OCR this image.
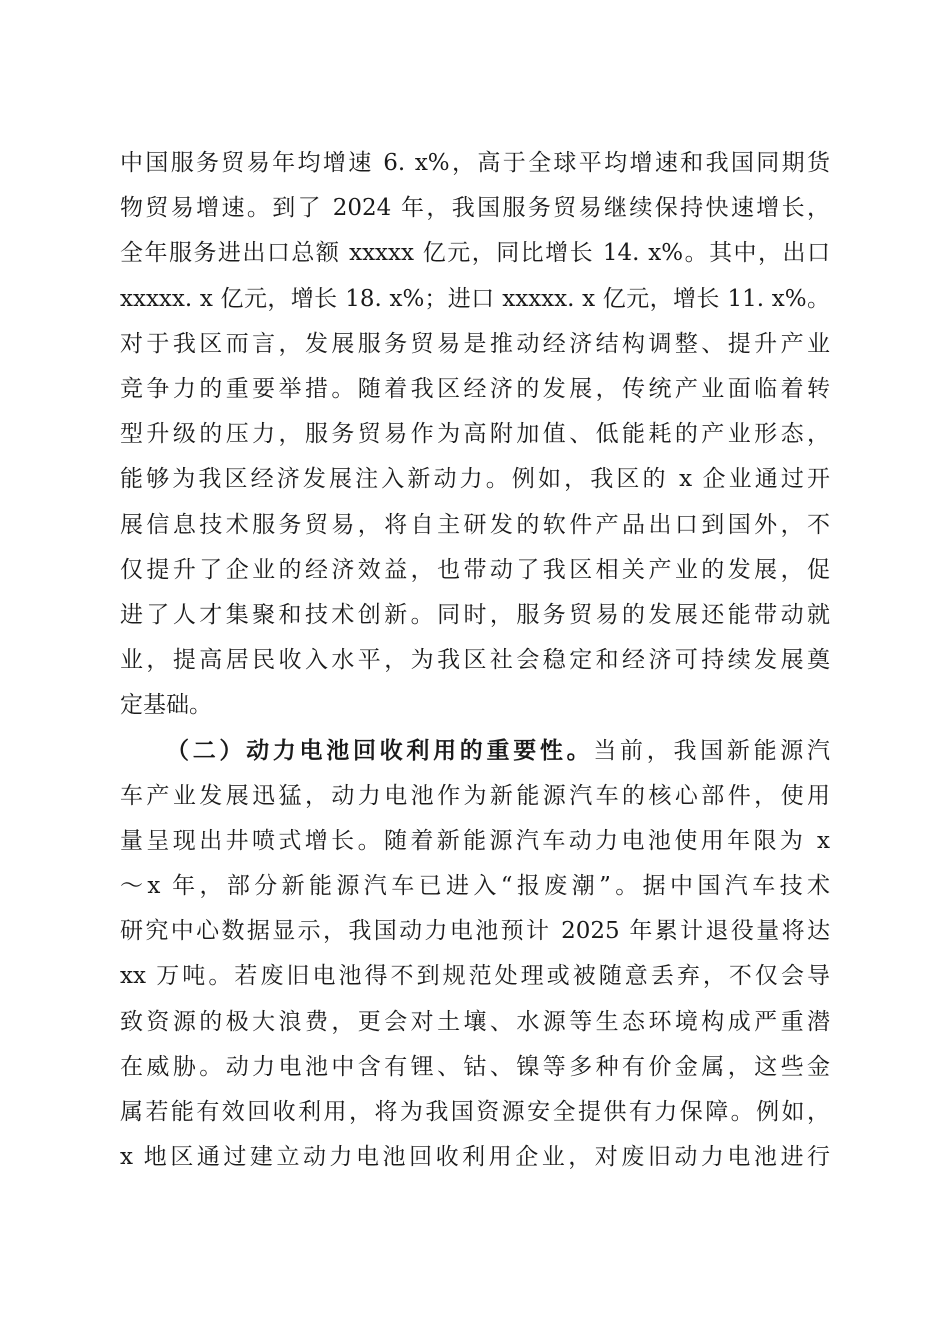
中国服务贸易年均增速 6. x%，高于全球平均增速和我国同期货
物贸易增速。到了 2024 年，我国服务贸易继续保持快速增长，
全年服务进出口总额 xxxxx 亿元，同比增长 14. x%。其中，出口
xxxxx. x 亿元，增长 18. x%；进口 xxxxx. x 亿元，增长 11. x%。
对于我区而言，发展服务贸易是推动经济结构调整、提升产业
竞争力的重要举措。随着我区经济的发展，传统产业面临着转
型升级的压力，服务贸易作为高附加值、低能耗的产业形态，
能够为我区经济发展注入新动力。例如，我区的 x 企业通过开
展信息技术服务贸易，将自主研发的软件产品出口到国外，不
仅提升了企业的经济效益，也带动了我区相关产业的发展，促
进了人才集聚和技术创新。同时，服务贸易的发展还能带动就
业，提高居民收入水平，为我区社会稳定和经济可持续发展奠
定基础。
（二）动力电池回收利用的重要性。当前，我国新能源汽
车产业发展迅猛，动力电池作为新能源汽车的核心部件，使用
量呈现出井喷式增长。随着新能源汽车动力电池使用年限为 x
～x 年，部分新能源汽车已进入“报废潮”。据中国汽车技术
研究中心数据显示，我国动力电池预计 2025 年累计退役量将达
xx 万吨。若废旧电池得不到规范处理或被随意丢弃，不仅会导
致资源的极大浪费，更会对土壤、水源等生态环境构成严重潜
在威胁。动力电池中含有锂、钴、镍等多种有价金属，这些金
属若能有效回收利用，将为我国资源安全提供有力保障。例如，
x 地区通过建立动力电池回收利用企业，对废旧动力电池进行
